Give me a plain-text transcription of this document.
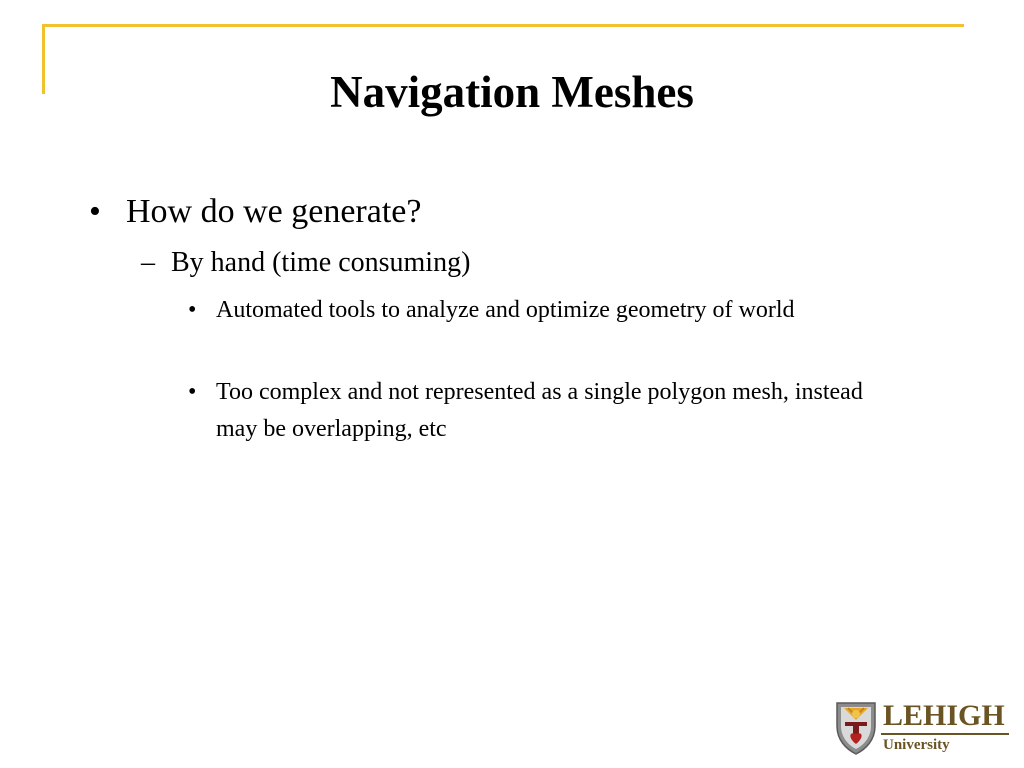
Navigation Meshes
• How do we generate?
– By hand (time consuming)
• Automated tools to analyze and optimize geometry of world
• Too complex and not represented as a single polygon mesh, instead may be overlapping, etc
LEHIGH
University
